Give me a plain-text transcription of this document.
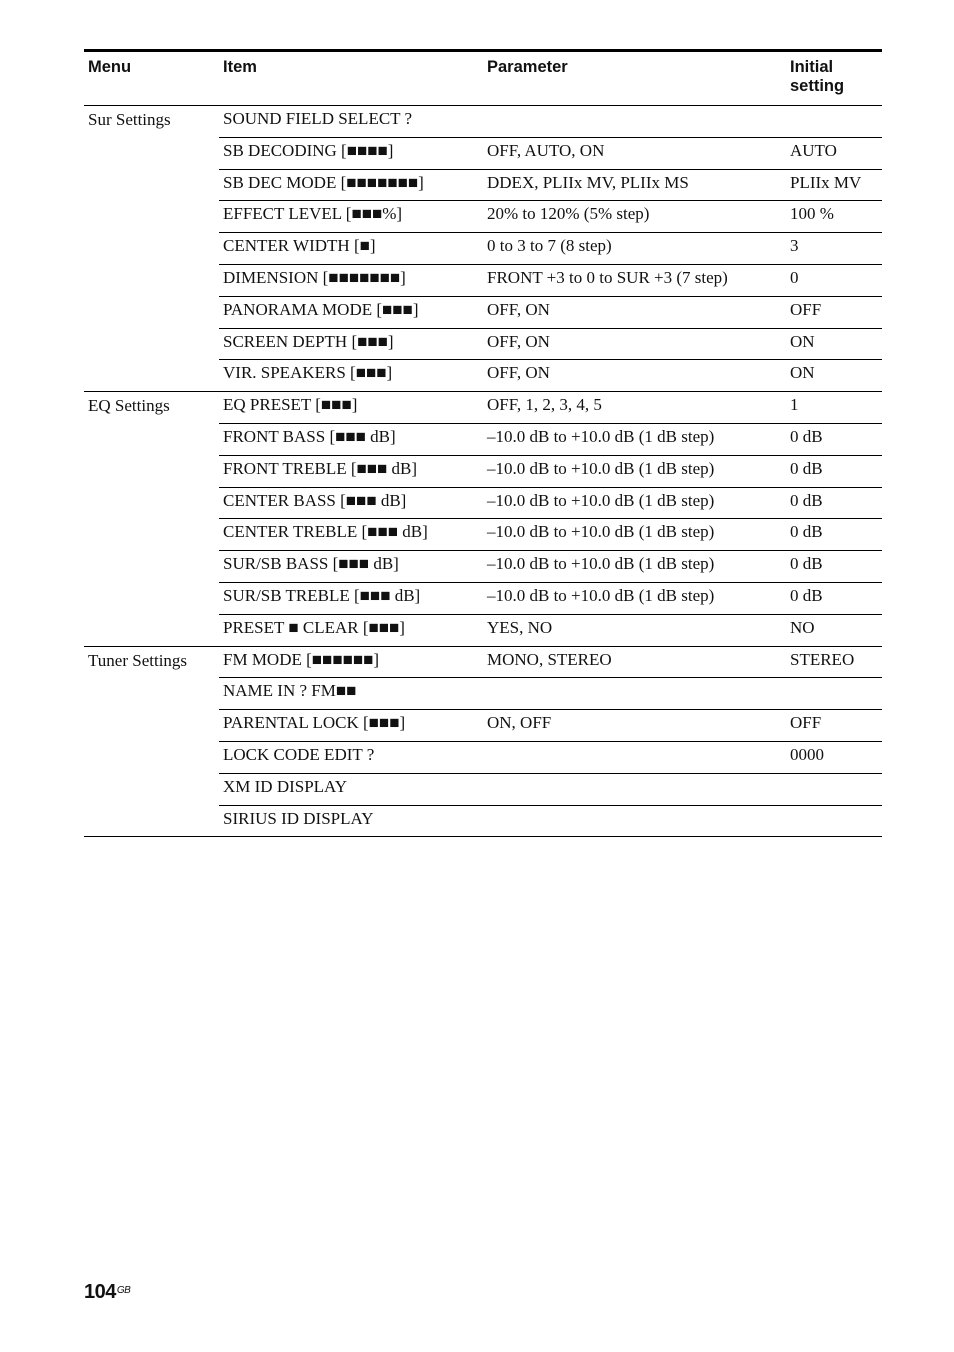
Menu	Item	Parameter	Initial
setting
Sur Settings	SOUND FIELD SELECT ?		
	SB DECODING [■■■■]	OFF, AUTO, ON	AUTO
	SB DEC MODE [■■■■■■■]	DDEX, PLIIx MV, PLIIx MS	PLIIx MV
	EFFECT LEVEL [■■■%]	20% to 120% (5% step)	100 %
	CENTER WIDTH [■]	0 to 3 to 7 (8 step)	3
	DIMENSION [■■■■■■■]	FRONT +3 to 0 to SUR +3 (7 step)	0
	PANORAMA MODE [■■■]	OFF, ON	OFF
	SCREEN DEPTH [■■■]	OFF, ON	ON
	VIR. SPEAKERS [■■■]	OFF, ON	ON
EQ Settings	EQ PRESET [■■■]	OFF, 1, 2, 3, 4, 5	1
	FRONT BASS [■■■ dB]	–10.0 dB to +10.0 dB (1 dB step)	0 dB
	FRONT TREBLE [■■■ dB]	–10.0 dB to +10.0 dB (1 dB step)	0 dB
	CENTER BASS [■■■ dB]	–10.0 dB to +10.0 dB (1 dB step)	0 dB
	CENTER TREBLE [■■■ dB]	–10.0 dB to +10.0 dB (1 dB step)	0 dB
	SUR/SB BASS [■■■ dB]	–10.0 dB to +10.0 dB (1 dB step)	0 dB
	SUR/SB TREBLE [■■■ dB]	–10.0 dB to +10.0 dB (1 dB step)	0 dB
	PRESET ■ CLEAR [■■■]	YES, NO	NO
Tuner Settings	FM MODE [■■■■■■]	MONO, STEREO	STEREO
	NAME IN ? FM■■		
	PARENTAL LOCK [■■■]	ON, OFF	OFF
	LOCK CODE EDIT ?		0000
	XM ID DISPLAY		
	SIRIUS ID DISPLAY		
$104^{GB}$
